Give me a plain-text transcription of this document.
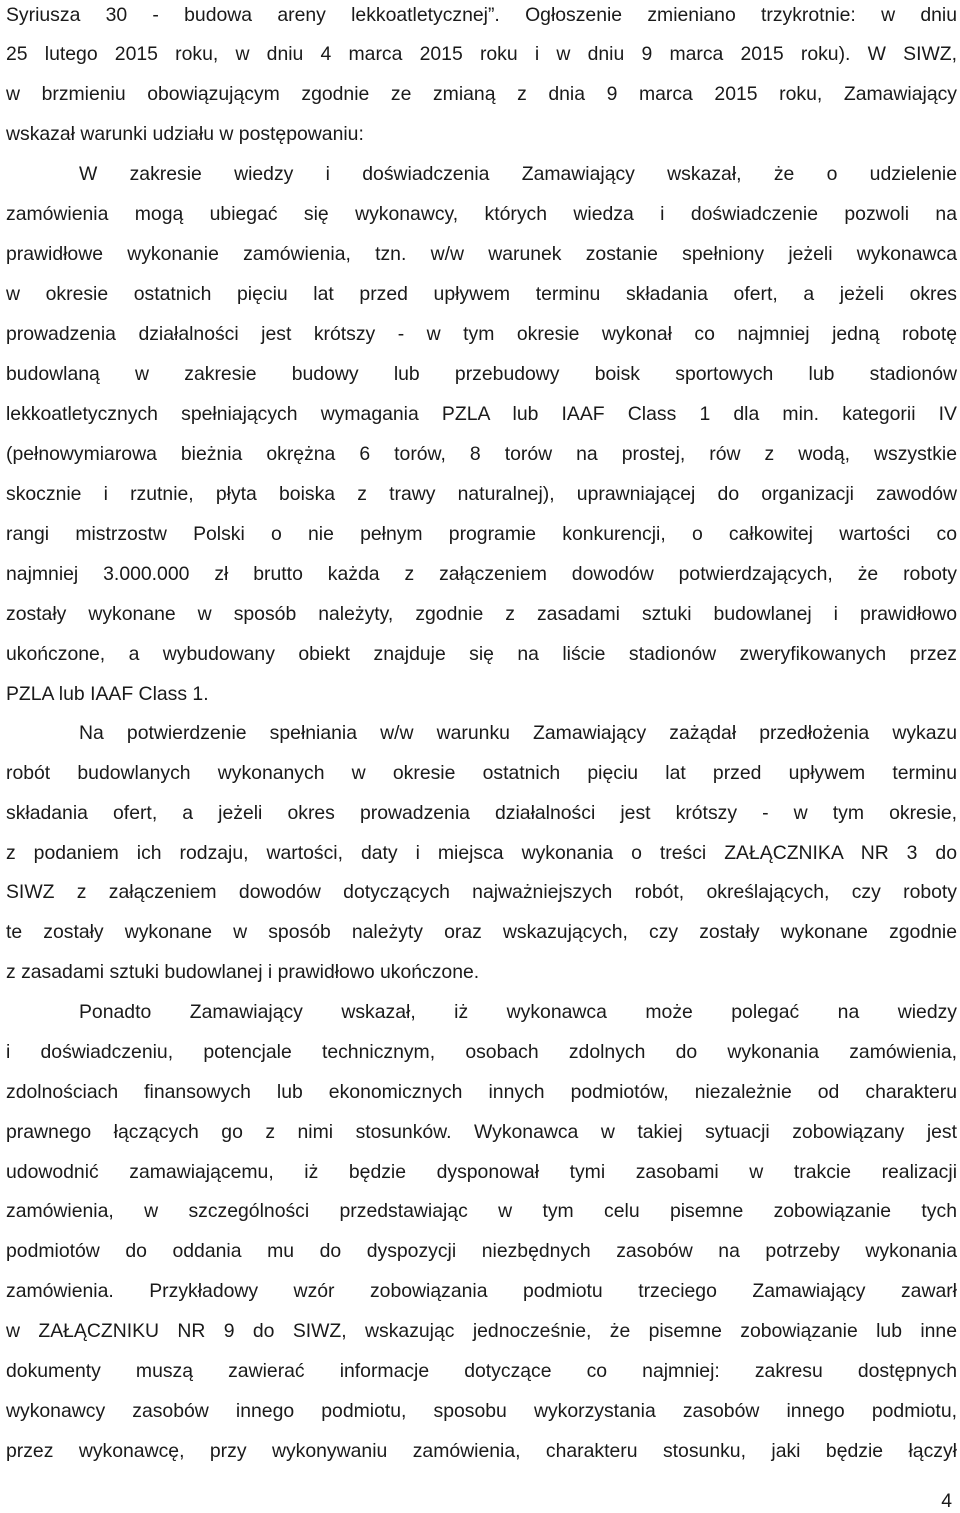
Syriusza 30 - budowa areny lekkoatletycznej”. Ogłoszenie zmieniano trzykrotnie: w dniu
25 lutego 2015 roku, w dniu 4 marca 2015 roku i w dniu 9 marca 2015 roku). W SIWZ,
w brzmieniu obowiązującym zgodnie ze zmianą z dnia 9 marca 2015 roku, Zamawiający
wskazał warunki udziału w postępowaniu:
W zakresie wiedzy i doświadczenia Zamawiający wskazał, że o udzielenie
zamówienia mogą ubiegać się wykonawcy, których wiedza i doświadczenie pozwoli na
prawidłowe wykonanie zamówienia, tzn. w/w warunek zostanie spełniony jeżeli wykonawca
w okresie ostatnich pięciu lat przed upływem terminu składania ofert, a jeżeli okres
prowadzenia działalności jest krótszy - w tym okresie wykonał co najmniej jedną robotę
budowlaną w zakresie budowy lub przebudowy boisk sportowych lub stadionów
lekkoatletycznych spełniających wymagania PZLA lub IAAF Class 1 dla min. kategorii IV
(pełnowymiarowa bieżnia okrężna 6 torów, 8 torów na prostej, rów z wodą, wszystkie
skocznie i rzutnie, płyta boiska z trawy naturalnej), uprawniającej do organizacji zawodów
rangi mistrzostw Polski o nie pełnym programie konkurencji, o całkowitej wartości co
najmniej 3.000.000 zł brutto każda z załączeniem dowodów potwierdzających, że roboty
zostały wykonane w sposób należyty, zgodnie z zasadami sztuki budowlanej i prawidłowo
ukończone, a wybudowany obiekt znajduje się na liście stadionów zweryfikowanych przez
PZLA lub IAAF Class 1.
Na potwierdzenie spełniania w/w warunku Zamawiający zażądał przedłożenia wykazu
robót budowlanych wykonanych w okresie ostatnich pięciu lat przed upływem terminu
składania ofert, a jeżeli okres prowadzenia działalności jest krótszy - w tym okresie,
z podaniem ich rodzaju, wartości, daty i miejsca wykonania o treści ZAŁĄCZNIKA NR 3 do
SIWZ z załączeniem dowodów dotyczących najważniejszych robót, określających, czy roboty
te zostały wykonane w sposób należyty oraz wskazujących, czy zostały wykonane zgodnie
z zasadami sztuki budowlanej i prawidłowo ukończone.
Ponadto Zamawiający wskazał, iż wykonawca może polegać na wiedzy
i doświadczeniu, potencjale technicznym, osobach zdolnych do wykonania zamówienia,
zdolnościach finansowych lub ekonomicznych innych podmiotów, niezależnie od charakteru
prawnego łączących go z nimi stosunków. Wykonawca w takiej sytuacji zobowiązany jest
udowodnić zamawiającemu, iż będzie dysponował tymi zasobami w trakcie realizacji
zamówienia, w szczególności przedstawiając w tym celu pisemne zobowiązanie tych
podmiotów do oddania mu do dyspozycji niezbędnych zasobów na potrzeby wykonania
zamówienia. Przykładowy wzór zobowiązania podmiotu trzeciego Zamawiający zawarł
w ZAŁĄCZNIKU NR 9 do SIWZ, wskazując jednocześnie, że pisemne zobowiązanie lub inne
dokumenty muszą zawierać informacje dotyczące co najmniej: zakresu dostępnych
wykonawcy zasobów innego podmiotu, sposobu wykorzystania zasobów innego podmiotu,
przez wykonawcę, przy wykonywaniu zamówienia, charakteru stosunku, jaki będzie łączył
4
